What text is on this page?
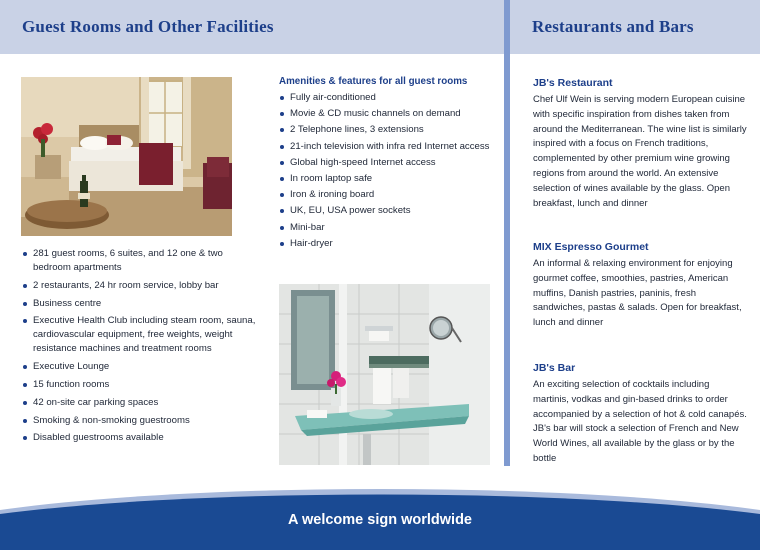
Guest Rooms and Other Facilities	Restaurants and Bars
281 guest rooms, 6 suites, and 12 one & two bedroom apartments
2 restaurants, 24 hr room service, lobby bar
Business centre
Executive Health Club including steam room, sauna, cardiovascular equipment, free weights, weight resistance machines and treatment rooms
Executive Lounge
15 function rooms
42 on-site car parking spaces
Smoking & non-smoking guestrooms
Disabled guestrooms available
Amenities & features for all guest rooms
Fully air-conditioned
Movie & CD music channels on demand
2 Telephone lines, 3 extensions
21-inch television with infra red Internet access
Global high-speed Internet access
In room laptop safe
Iron & ironing board
UK, EU, USA power sockets
Mini-bar
Hair-dryer
JB's Restaurant
Chef Ulf Wein is serving modern European cuisine with specific inspiration from dishes taken from around the Mediterranean. The wine list is similarly inspired with a focus on French traditions, complemented by other premium wine growing regions from around the world. An extensive selection of wines available by the glass. Open breakfast, lunch and dinner
MIX Espresso Gourmet
An informal & relaxing environment for enjoying gourmet coffee, smoothies, pastries, American muffins, Danish pastries, paninis, fresh sandwiches, pastas & salads. Open for breakfast, lunch and dinner
JB's Bar
An exciting selection of cocktails including martinis, vodkas and gin-based drinks to order accompanied by a selection of hot & cold canapés. JB's bar will stock a selection of French and New World Wines, all available by the glass or by the bottle
A welcome sign worldwide
